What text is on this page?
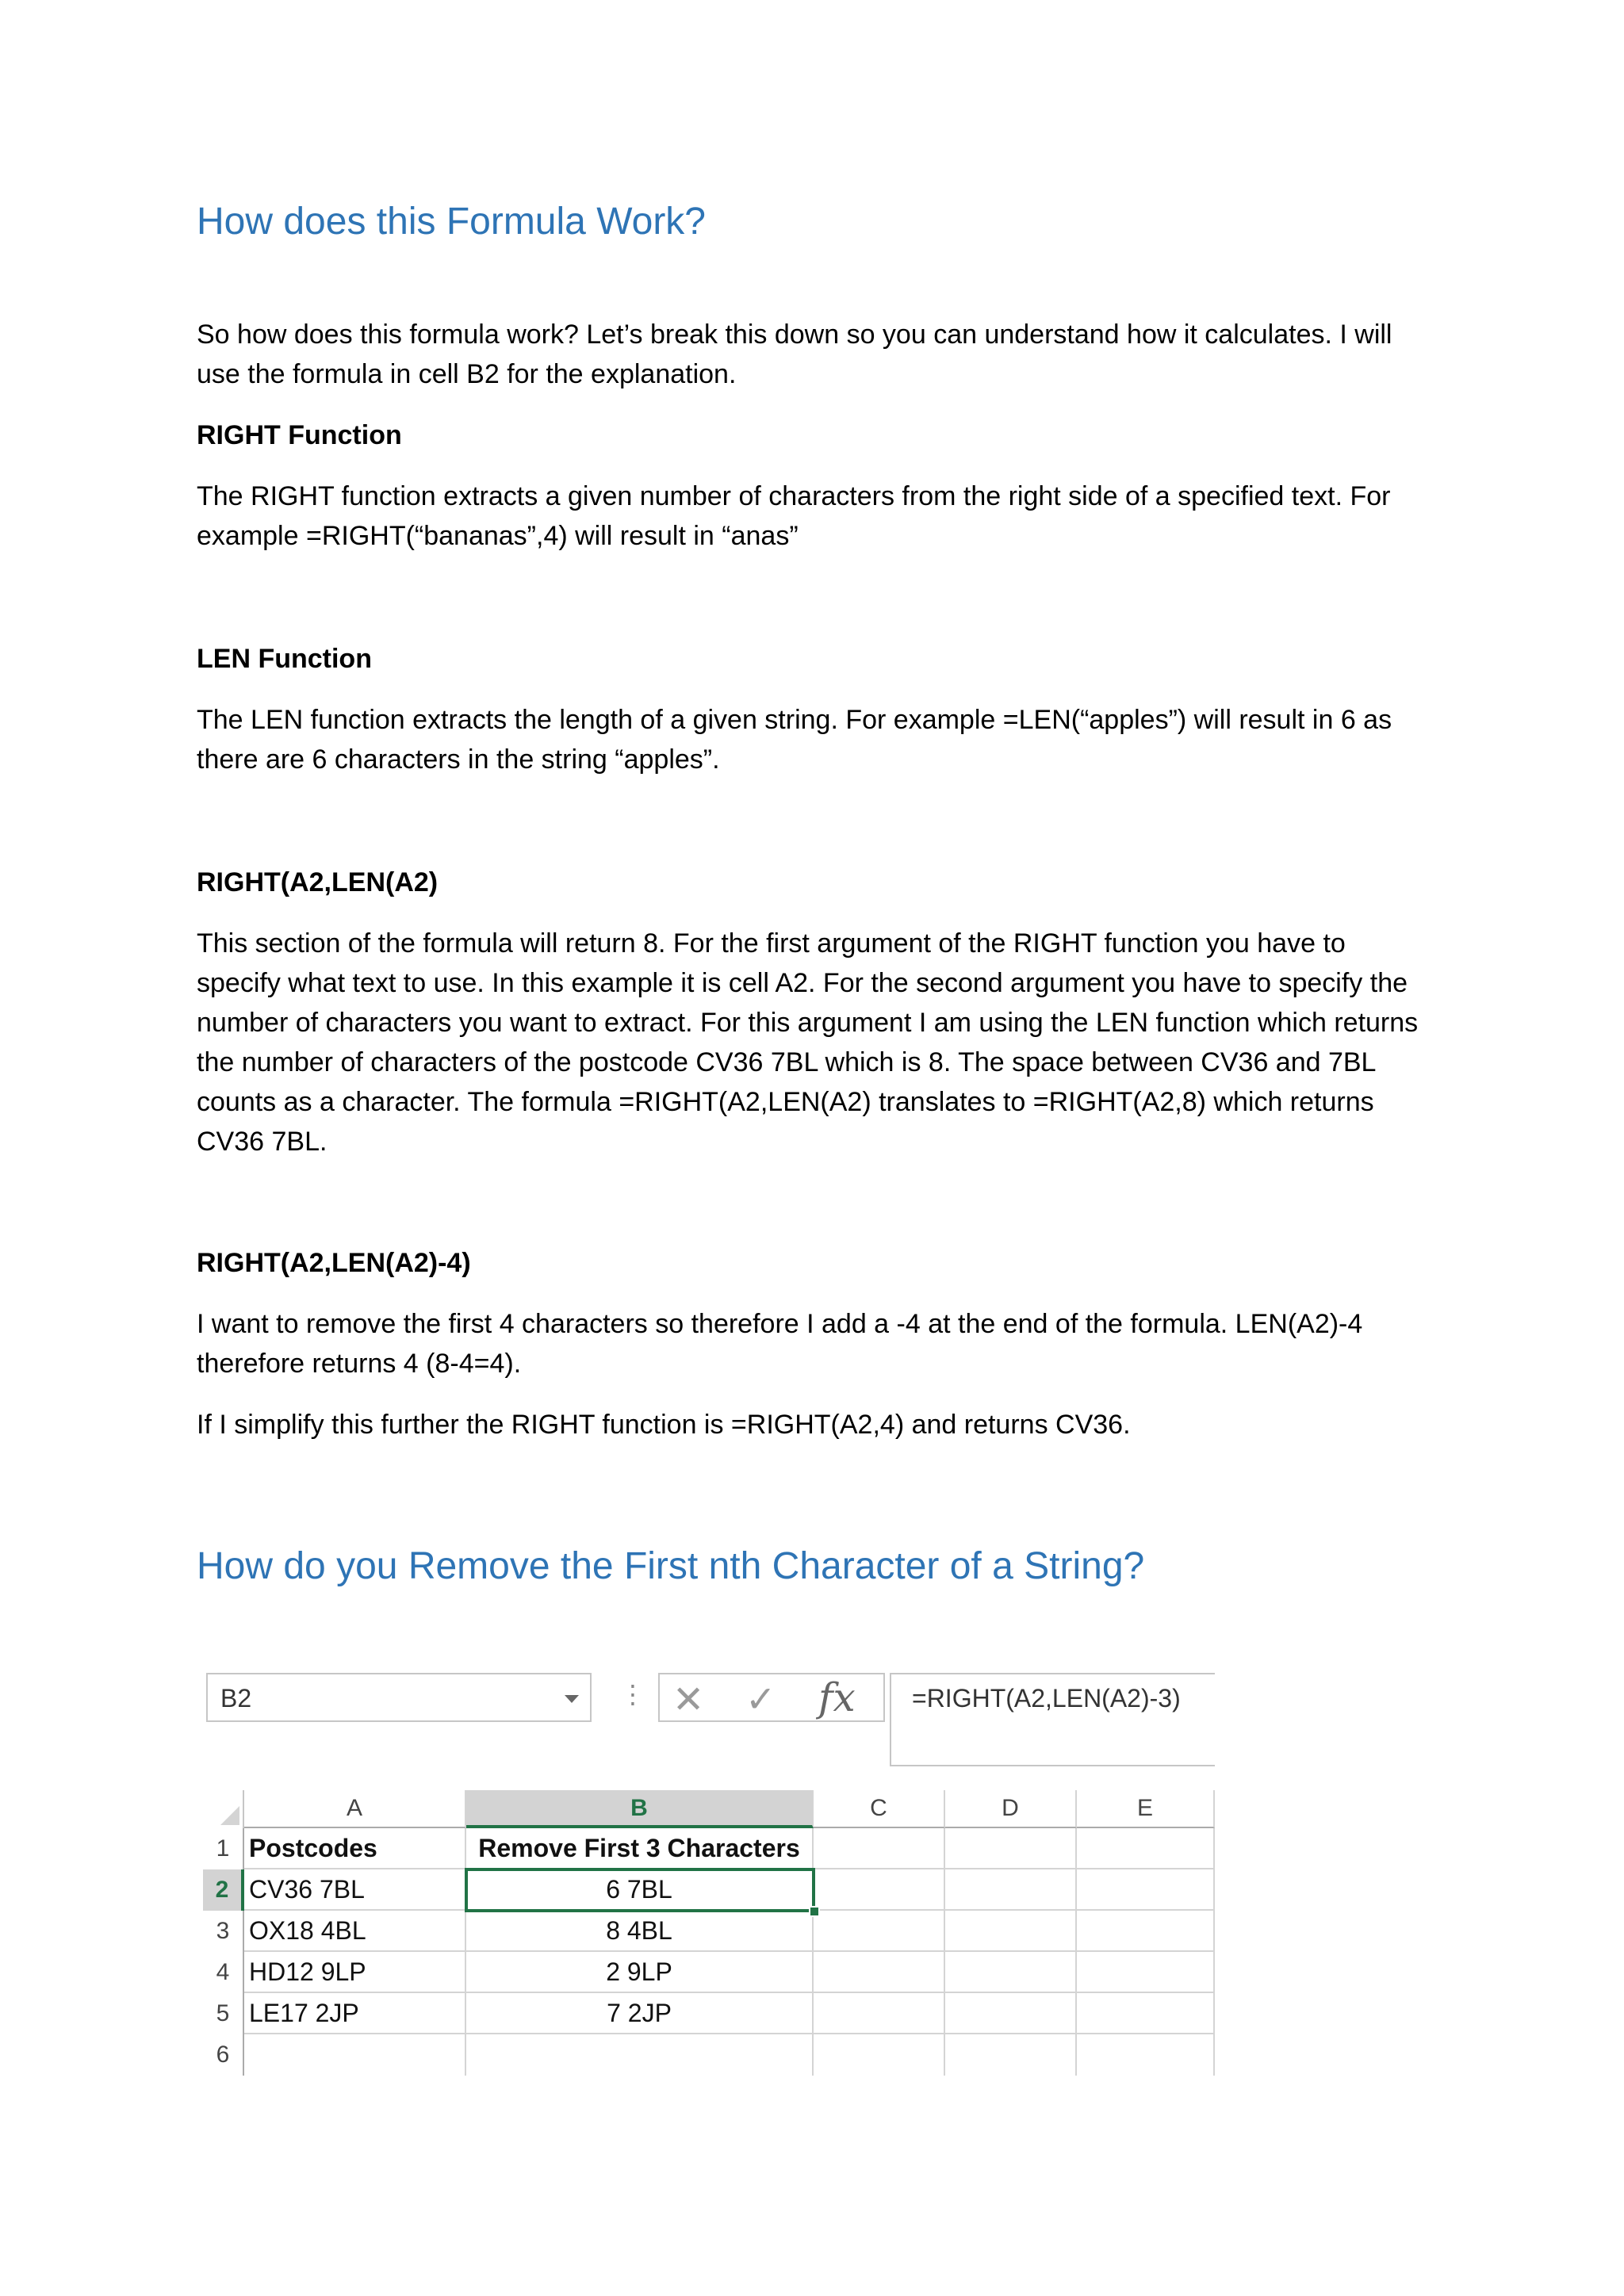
How does this Formula Work?

So how does this formula work? Let’s break this down so you can understand how it calculates. I will use the formula in cell B2 for the explanation.

RIGHT Function

The RIGHT function extracts a given number of characters from the right side of a specified text. For example =RIGHT(“bananas”,4) will result in “anas”

LEN Function

The LEN function extracts the length of a given string. For example =LEN(“apples”) will result in 6 as there are 6 characters in the string “apples”.

RIGHT(A2,LEN(A2)

This section of the formula will return 8. For the first argument of the RIGHT function you have to specify what text to use. In this example it is cell A2. For the second argument you have to specify the number of characters you want to extract. For this argument I am using the LEN function which returns the number of characters of the postcode CV36 7BL which is 8. The space between CV36 and 7BL counts as a character. The formula =RIGHT(A2,LEN(A2) translates to =RIGHT(A2,8) which returns CV36 7BL.

RIGHT(A2,LEN(A2)-4)

I want to remove the first 4 characters so therefore I add a -4 at the end of the formula. LEN(A2)-4 therefore returns 4 (8-4=4).

If I simplify this further the RIGHT function is =RIGHT(A2,4) and returns CV36.

How do you Remove the First nth Character of a String?
B2	⋮ ✕ ✓ fx =RIGHT(A2,LEN(A2)-3)
A	B	C	D	E
1 Postcodes	Remove First 3 Characters
2 CV36 7BL	6 7BL
3 OX18 4BL	8 4BL
4 HD12 9LP	2 9LP
5 LE17 2JP	7 2JP
6
